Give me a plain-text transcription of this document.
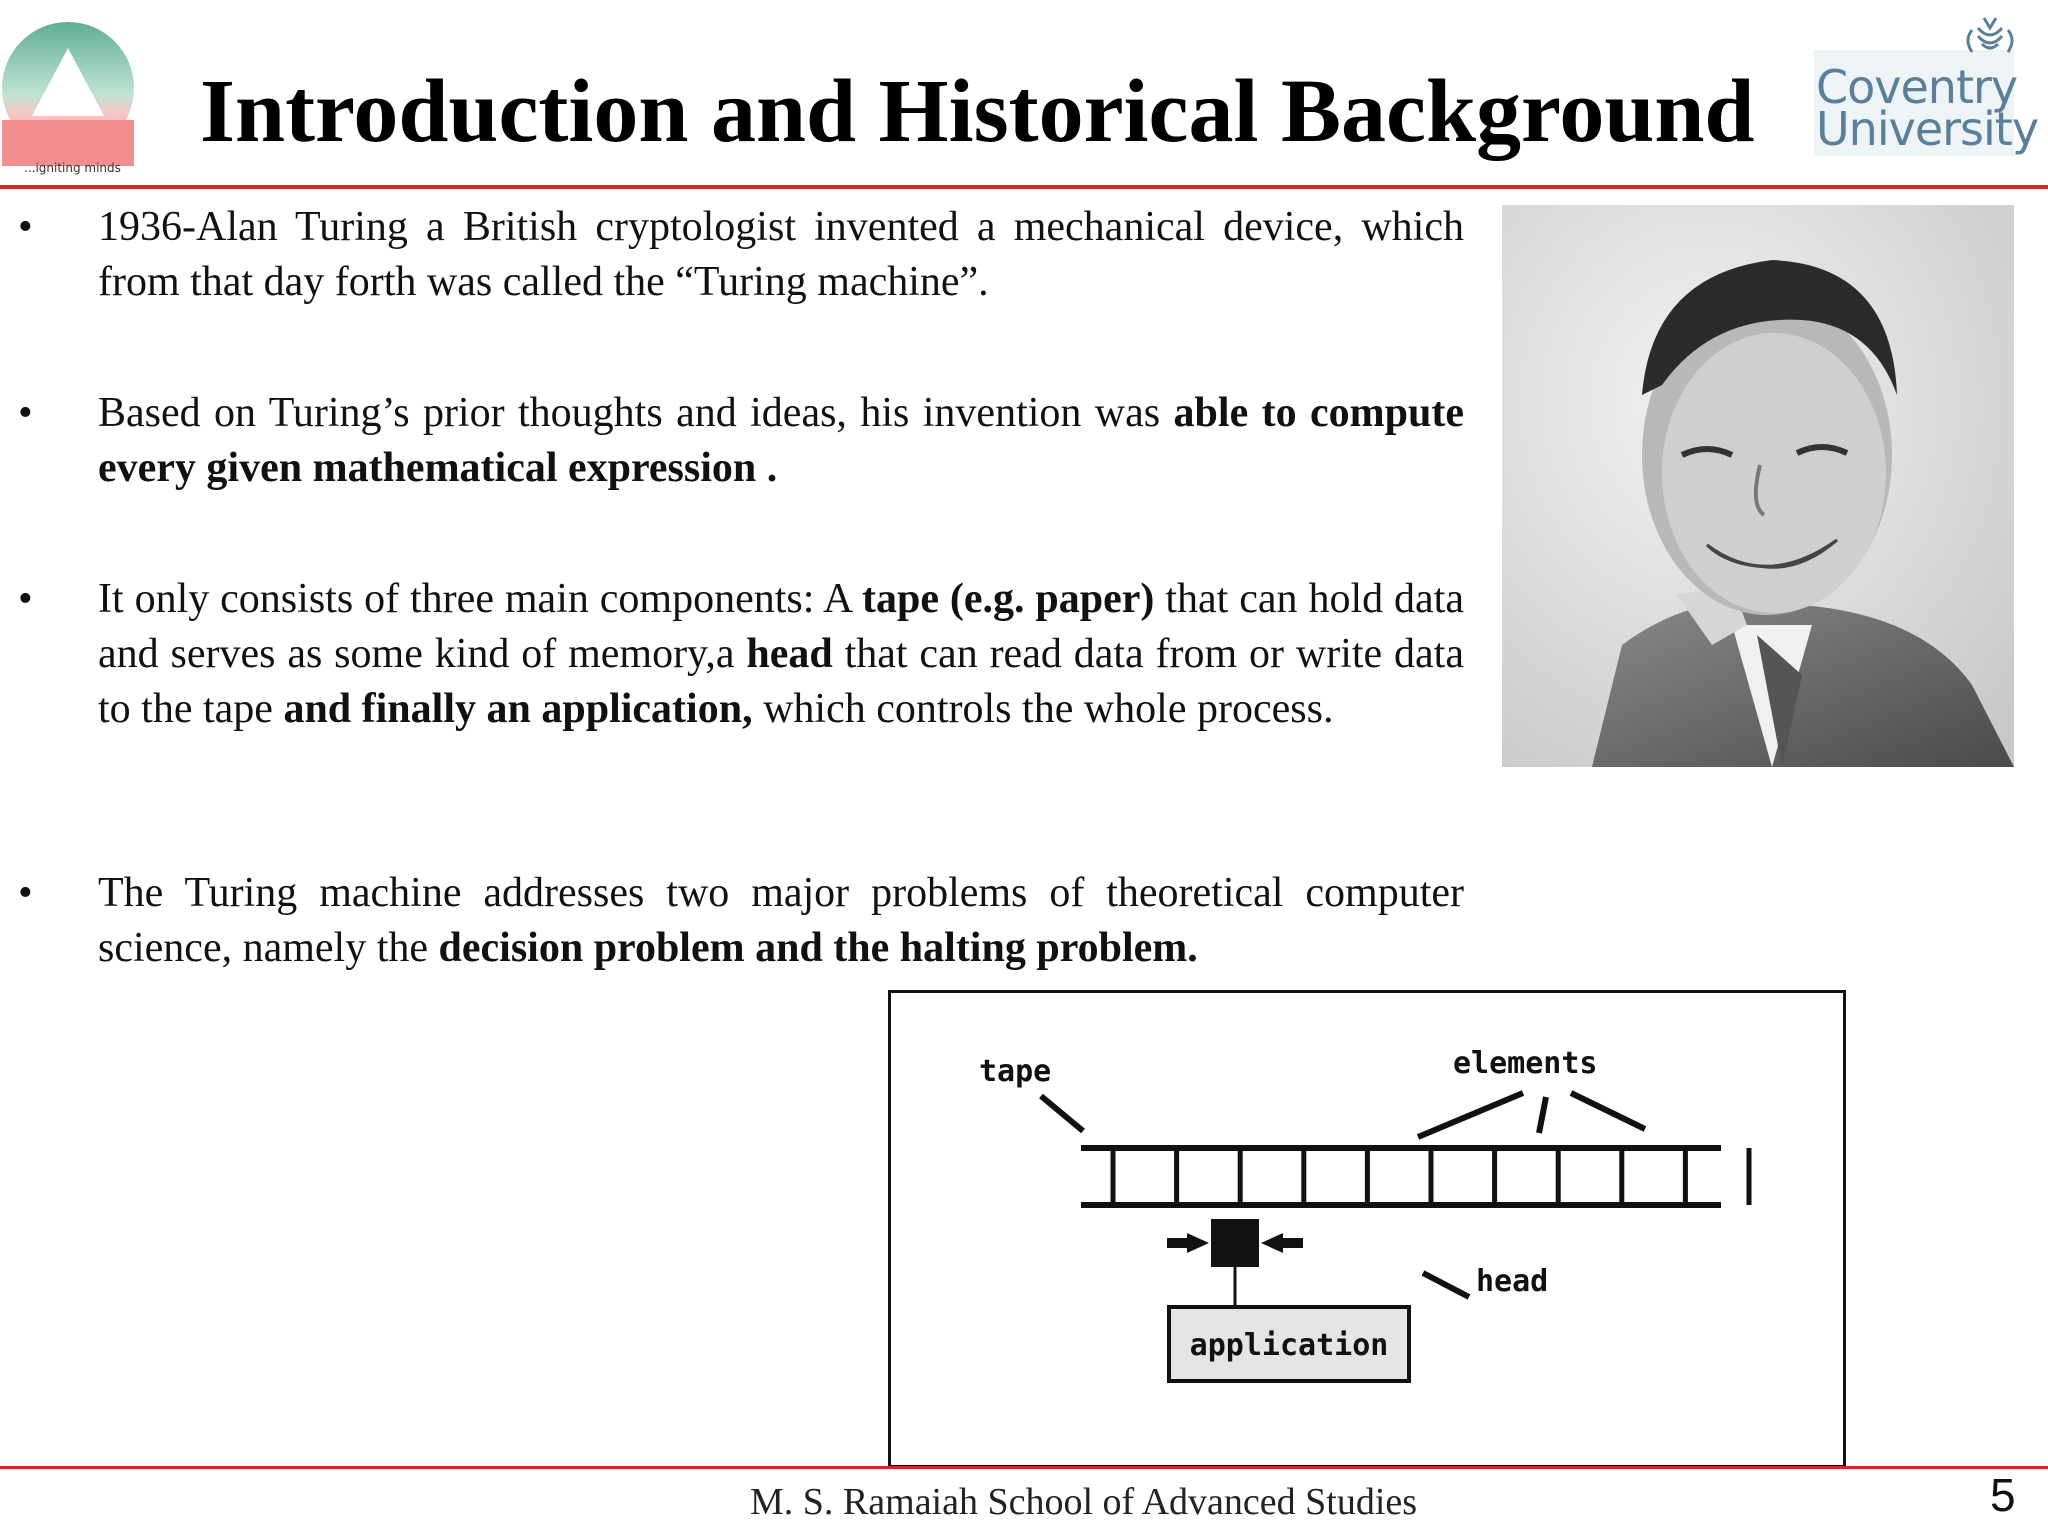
...igniting minds
Introduction and Historical Background	Coventry
University
•	1936-Alan Turing a British cryptologist invented a mechanical device, which from that day forth was called the “Turing machine”.
•	Based on Turing’s prior thoughts and ideas, his invention was able to compute every given mathematical expression .
•	It only consists of three main components: A tape (e.g. paper) that can hold data and serves as some kind of memory,a head that can read data from or write data to the tape and finally an application, which controls the whole process.
•	The Turing machine addresses two major problems of theoretical computer science, namely the decision problem and the halting problem.
tape	elements
head
application
M. S. Ramaiah School of Advanced Studies	5
